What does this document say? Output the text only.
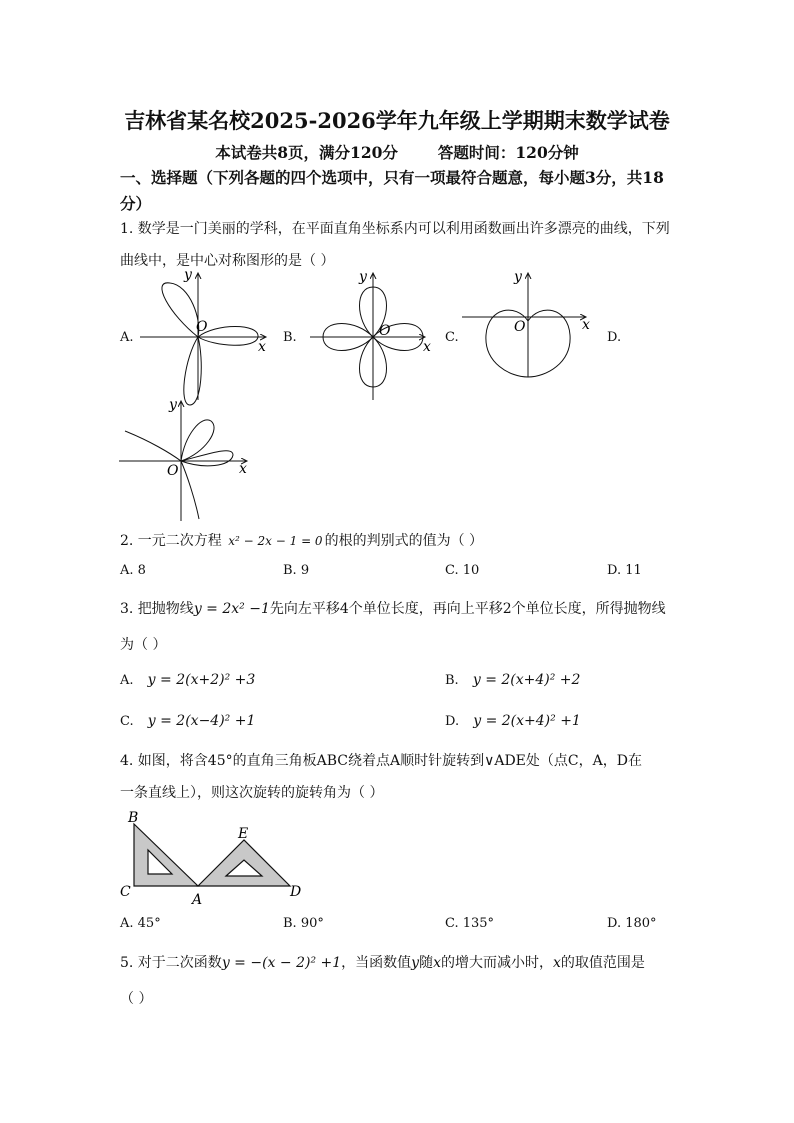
吉林省某名校2025-2026学年九年级上学期期末数学试卷
本试卷共8页，满分120分	答题时间：120分钟
一、选择题（下列各题的四个选项中，只有一项最符合题意，每小题3分，共18分）
1. 数学是一门美丽的学科，在平面直角坐标系内可以利用函数画出许多漂亮的曲线，下列
曲线中，是中心对称图形的是（ ）
A.	B.	C.	D.
y
x
O
y
x
O
y
x
O
y
x
O
2. 一元二次方程 x² − 2x − 1 = 0 的根的判别式的值为（ ）
A. 8	B. 9	C. 10	D. 11
3. 把抛物线y = 2x² −1先向左平移4个单位长度，再向上平移2个单位长度，所得抛物线
为（ ）
A. y = 2(x+2)² +3	B. y = 2(x+4)² +2
C. y = 2(x−4)² +1	D. y = 2(x+4)² +1
4. 如图，将含45°的直角三角板ABC绕着点A顺时针旋转到∨ADE处（点C，A，D在
一条直线上），则这次旋转的旋转角为（ ）
B
C	A
E
D
A. 45°	B. 90°	C. 135°	D. 180°
5. 对于二次函数y = −(x − 2)² +1，当函数值y随x的增大而减小时，x的取值范围是
（ ）
